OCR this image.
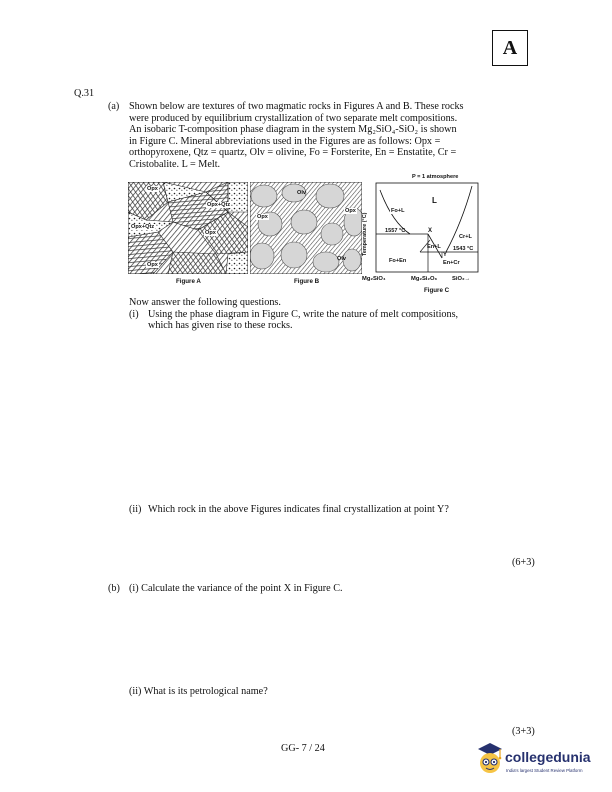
A
Q.31
(a) Shown below are textures of two magmatic rocks in Figures A and B. These rocks
were produced by equilibrium crystallization of two separate melt compositions.
An isobaric T-composition phase diagram in the system Mg₂SiO₄-SiO₂ is shown
in Figure C. Mineral abbreviations used in the Figures are as follows: Opx =
orthopyroxene, Qtz = quartz, Olv = olivine, Fo = Forsterite, En = Enstatite, Cr =
Cristobalite. L = Melt.
Opx
Opx+Qtz
Opx+Qtz
Opx
Opx
Figure A
Olv
Opx
Opx
Olv
Figure B
P = 1 atmosphere
Temperature (°C)
L
Fo+L
1557 °C	X
Cr+L
En+L 1543 °C
Y
Fo+En	En+Cr
Mg₂SiO₄	Mg₂Si₂O₆	SiO₂→
Figure C
Now answer the following questions.
(i) Using the phase diagram in Figure C, write the nature of melt compositions,
which has given rise to these rocks.
(ii) Which rock in the above Figures indicates final crystallization at point Y?
(6+3)
(b) (i) Calculate the variance of the point X in Figure C.
(ii) What is its petrological name?
(3+3)
GG- 7 / 24
collegedunia
India's largest Student Review Platform
